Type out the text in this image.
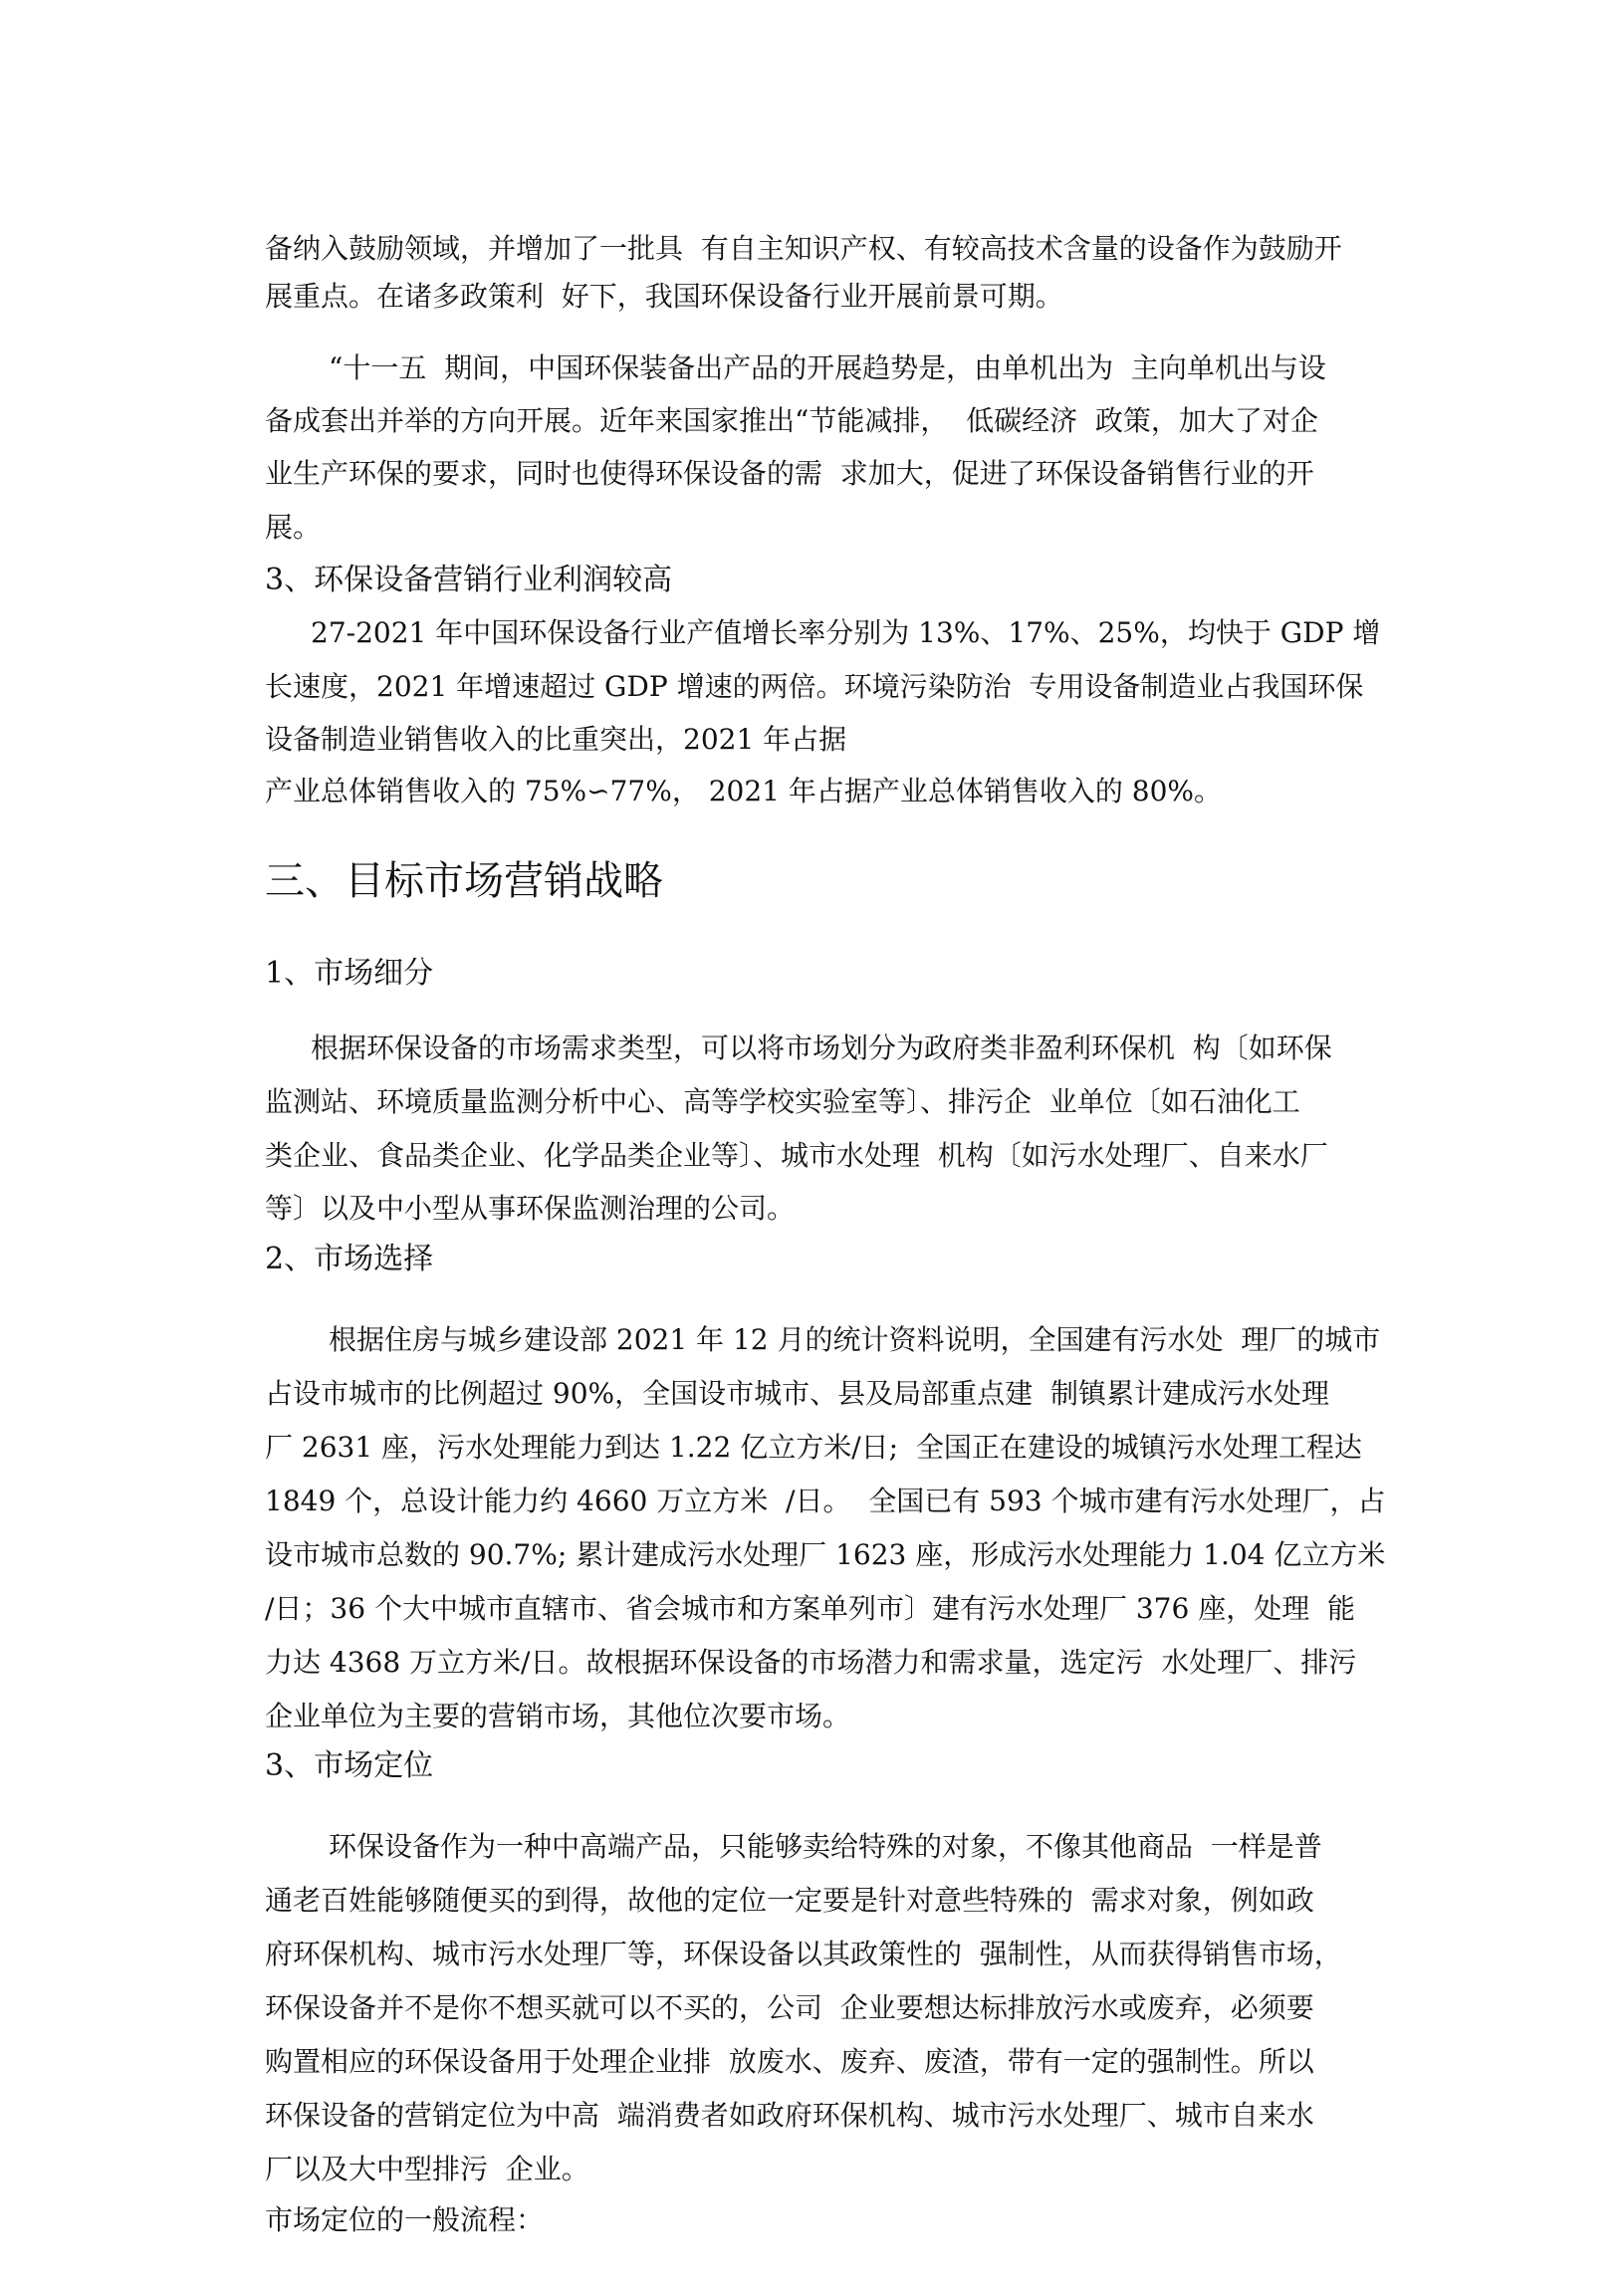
备纳入鼓励领域，并增加了一批具  有自主知识产权、有较高技术含量的设备作为鼓励开

展重点。在诸多政策利  好下，我国环保设备行业开展前景可期。

“十一五  期间，中国环保装备出产品的开展趋势是，由单机出为  主向单机出与设

备成套出并举的方向开展。近年来国家推出“节能减排，  低碳经济  政策，加大了对企

业生产环保的要求，同时也使得环保设备的需  求加大，促进了环保设备销售行业的开

展。

3、环保设备营销行业利润较高

27-2021 年中国环保设备行业产值增长率分别为 13%、17%、25%，均快于 GDP 增

长速度，2021 年增速超过 GDP 增速的两倍。环境污染防治  专用设备制造业占我国环保

设备制造业销售收入的比重突出，2021 年占据

产业总体销售收入的 75%∽77%， 2021 年占据产业总体销售收入的 80%。

三、目标市场营销战略

1、市场细分

根据环保设备的市场需求类型，可以将市场划分为政府类非盈利环保机  构〔如环保

监测站、环境质量监测分析中心、高等学校实验室等〕、排污企  业单位〔如石油化工

类企业、食品类企业、化学品类企业等〕、城市水处理  机构〔如污水处理厂、自来水厂

等〕以及中小型从事环保监测治理的公司。

2、市场选择

根据住房与城乡建设部 2021 年 12 月的统计资料说明，全国建有污水处  理厂的城市

占设市城市的比例超过 90%，全国设市城市、县及局部重点建  制镇累计建成污水处理

厂 2631 座，污水处理能力到达 1.22 亿立方米/日;  全国正在建设的城镇污水处理工程达

1849 个，总设计能力约 4660 万立方米  /日。  全国已有 593 个城市建有污水处理厂，占

设市城市总数的 90.7%; 累计建成污水处理厂 1623 座，形成污水处理能力 1.04 亿立方米

/日；36 个大中城市直辖市、省会城市和方案单列市〕建有污水处理厂 376 座，处理  能

力达 4368 万立方米/日。故根据环保设备的市场潜力和需求量，选定污  水处理厂、排污

企业单位为主要的营销市场，其他位次要市场。

3、市场定位

环保设备作为一种中高端产品，只能够卖给特殊的对象，不像其他商品  一样是普

通老百姓能够随便买的到得，故他的定位一定要是针对意些特殊的  需求对象，例如政

府环保机构、城市污水处理厂等，环保设备以其政策性的  强制性，从而获得销售市场，

环保设备并不是你不想买就可以不买的，公司  企业要想达标排放污水或废弃，必须要

购置相应的环保设备用于处理企业排  放废水、废弃、废渣，带有一定的强制性。所以

环保设备的营销定位为中高  端消费者如政府环保机构、城市污水处理厂、城市自来水

厂以及大中型排污  企业。

市场定位的一般流程：
